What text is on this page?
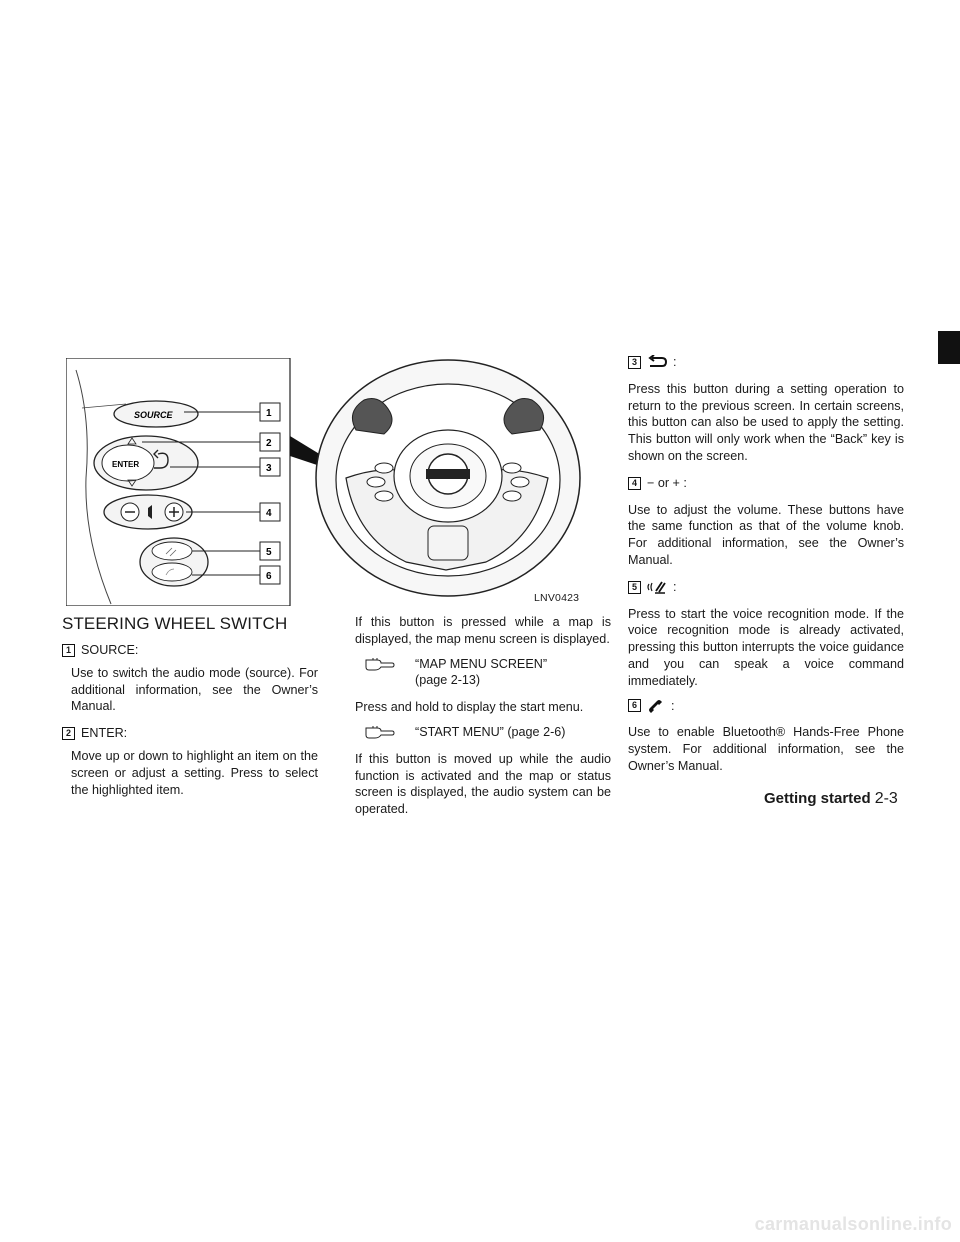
SOURCE
ENTER
1
2
3
4
5
6
LNV0423
STEERING WHEEL SWITCH
1 SOURCE:

Use to switch the audio mode (source). For additional information, see the Owner’s Manual.

2 ENTER:

Move up or down to highlight an item on the screen or adjust a setting. Press to select the highlighted item.

If this button is pressed while a map is displayed, the map menu screen is displayed.

“MAP MENU SCREEN”
(page 2-13)

Press and hold to display the start menu.

“START MENU” (page 2-6)

If this button is moved up while the audio function is activated and the map or status screen is displayed, the audio system can be operated.

3	:

Press this button during a setting operation to return to the previous screen. In certain screens, this button can also be used to apply the setting. This button will only work when the “Back” key is shown on the screen.

4 − or + :

Use to adjust the volume. These buttons have the same function as that of the volume knob. For additional information, see the Owner’s Manual.

5	:

Press to start the voice recognition mode. If the voice recognition mode is already activated, pressing this button interrupts the voice guidance and you can speak a voice command immediately.

6	:

Use to enable Bluetooth® Hands-Free Phone system. For additional information, see the Owner’s Manual.

Getting started 2-3
carmanualsonline.info
